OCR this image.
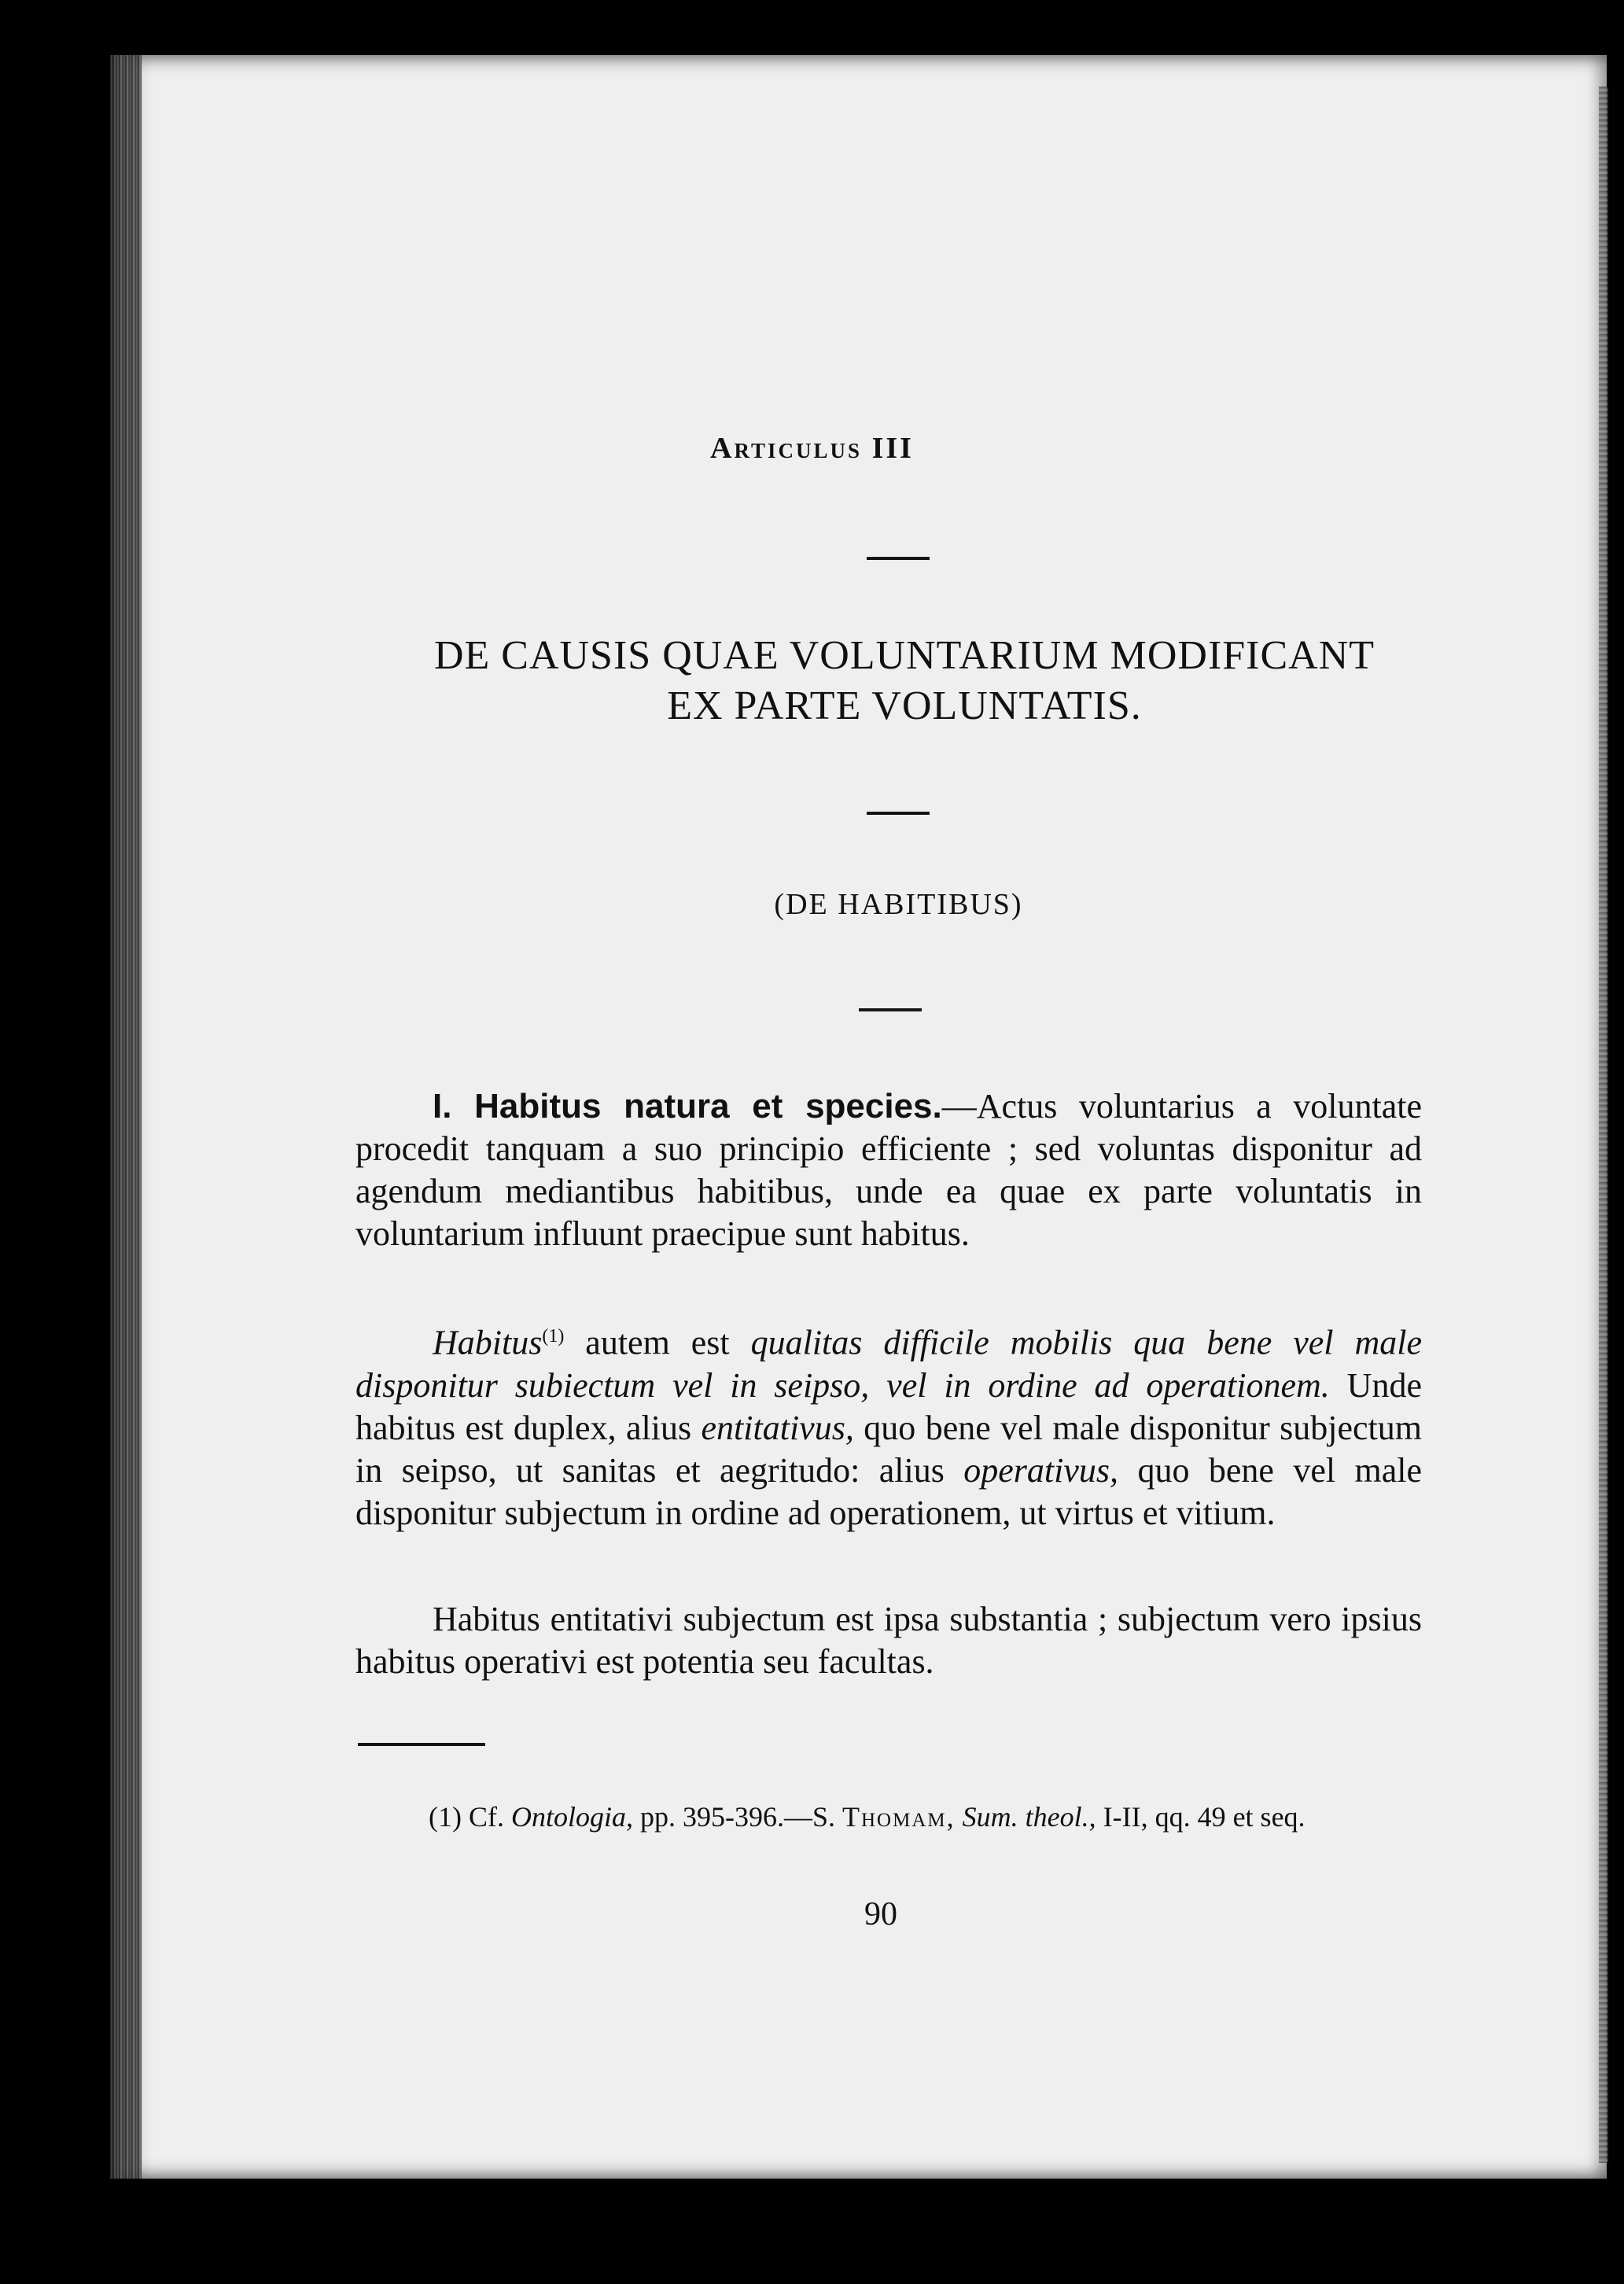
Articulus III
DE CAUSIS QUAE VOLUNTARIUM MODIFICANT
EX PARTE VOLUNTATIS.
(DE HABITIBUS)
I. Habitus natura et species.—Actus voluntarius a voluntate procedit tanquam a suo principio efficiente ; sed voluntas disponitur ad agendum mediantibus habitibus, unde ea quae ex parte voluntatis in voluntarium influunt praecipue sunt habitus.
Habitus$^{(1)}$ autem est qualitas difficile mobilis qua bene vel male disponitur subiectum vel in seipso, vel in ordine ad operationem. Unde habitus est duplex, alius entitativus, quo bene vel male disponitur subjectum in seipso, ut sanitas et aegritudo: alius operativus, quo bene vel male disponitur subjectum in ordine ad operationem, ut virtus et vitium.
Habitus entitativi subjectum est ipsa substantia ; subjectum vero ipsius habitus operativi est potentia seu facultas.
(1) Cf. Ontologia, pp. 395-396.—S. Thomam, Sum. theol., I-II, qq. 49 et seq.
90
